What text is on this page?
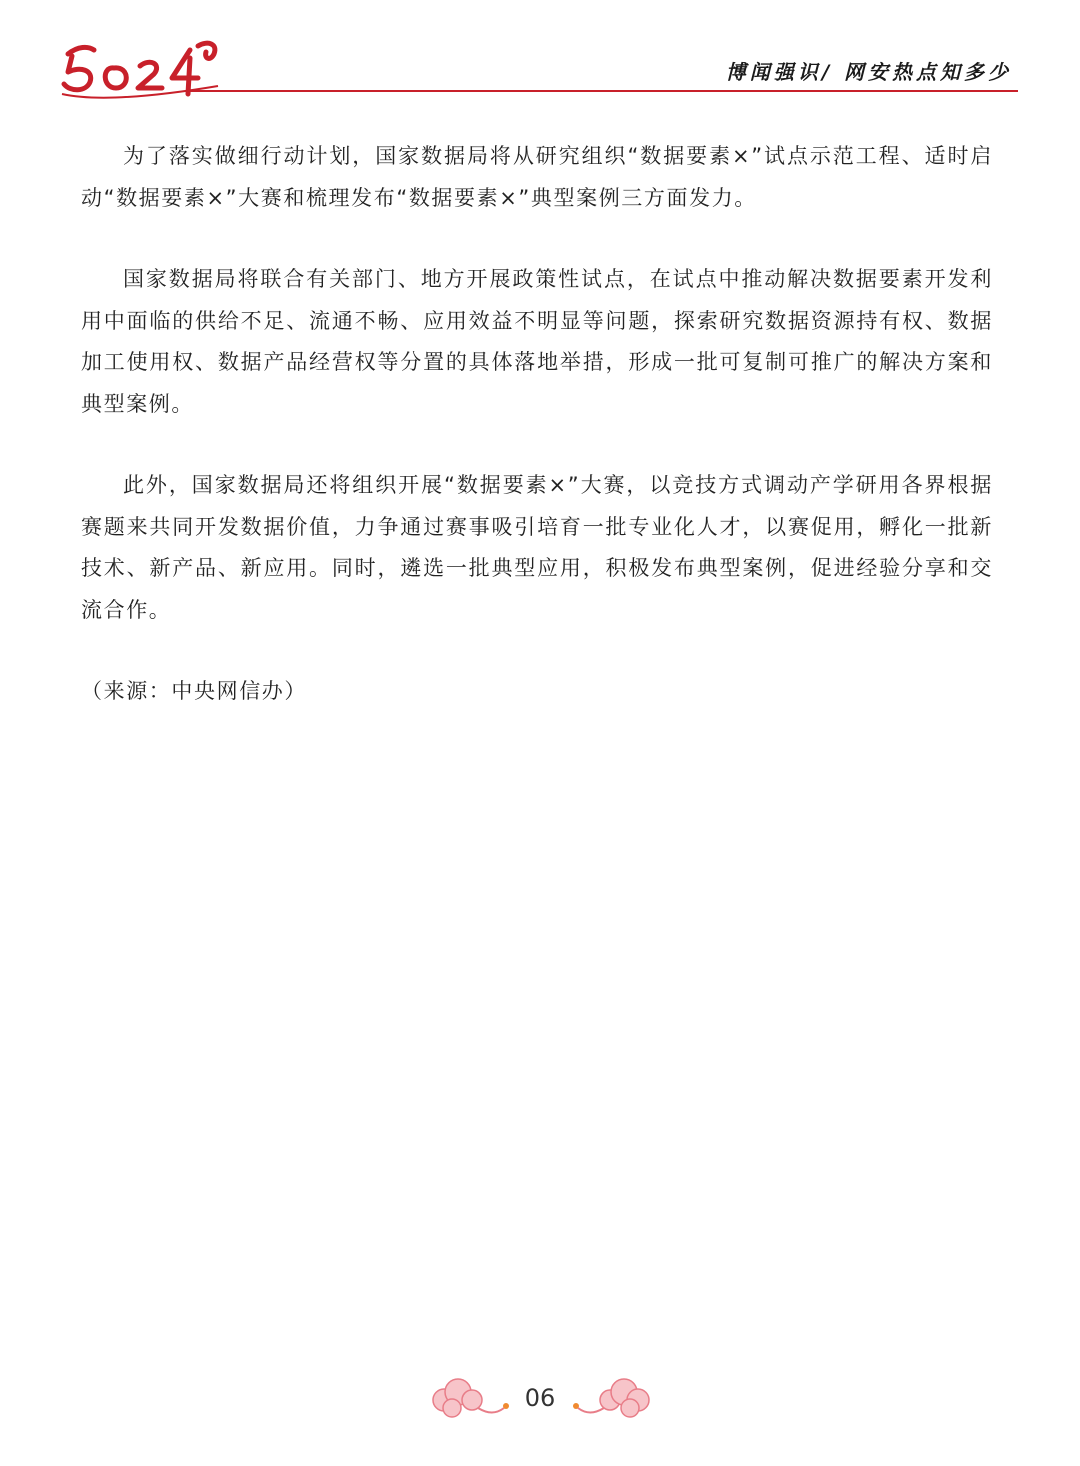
博闻强识/ 网安热点知多少

为了落实做细行动计划，国家数据局将从研究组织“数据要素×”试点示范工程、适时启动“数据要素×”大赛和梳理发布“数据要素×”典型案例三方面发力。

国家数据局将联合有关部门、地方开展政策性试点，在试点中推动解决数据要素开发利用中面临的供给不足、流通不畅、应用效益不明显等问题，探索研究数据资源持有权、数据加工使用权、数据产品经营权等分置的具体落地举措，形成一批可复制可推广的解决方案和典型案例。

此外，国家数据局还将组织开展“数据要素×”大赛，以竞技方式调动产学研用各界根据赛题来共同开发数据价值，力争通过赛事吸引培育一批专业化人才，以赛促用，孵化一批新技术、新产品、新应用。同时，遴选一批典型应用，积极发布典型案例，促进经验分享和交流合作。

（来源：中央网信办）

06
